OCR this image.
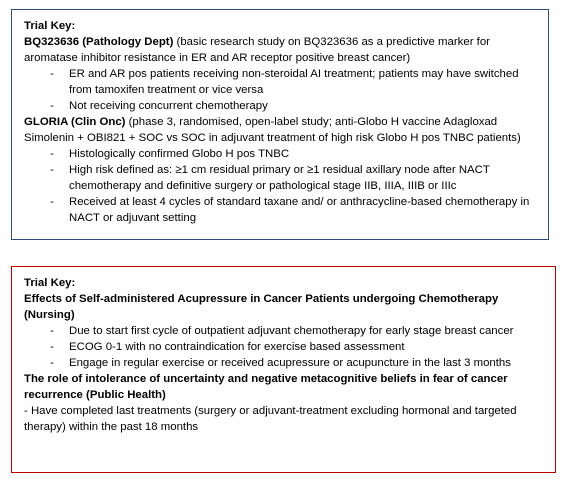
Trial Key:
BQ323636 (Pathology Dept) (basic research study on BQ323636 as a predictive marker for aromatase inhibitor resistance in ER and AR receptor positive breast cancer)
- ER and AR pos patients receiving non-steroidal AI treatment; patients may have switched from tamoxifen treatment or vice versa
- Not receiving concurrent chemotherapy
GLORIA (Clin Onc) (phase 3, randomised, open-label study; anti-Globo H vaccine Adagloxad Simolenin + OBI821 + SOC vs SOC in adjuvant treatment of high risk Globo H pos TNBC patients)
- Histologically confirmed Globo H pos TNBC
- High risk defined as: ≥1 cm residual primary or ≥1 residual axillary node after NACT chemotherapy and definitive surgery or pathological stage IIB, IIIA, IIIB or IIIc
- Received at least 4 cycles of standard taxane and/ or anthracycline-based chemotherapy in NACT or adjuvant setting
Trial Key:
Effects of Self-administered Acupressure in Cancer Patients undergoing Chemotherapy (Nursing)
- Due to start first cycle of outpatient adjuvant chemotherapy for early stage breast cancer
- ECOG 0-1 with no contraindication for exercise based assessment
- Engage in regular exercise or received acupressure or acupuncture in the last 3 months
The role of intolerance of uncertainty and negative metacognitive beliefs in fear of cancer recurrence (Public Health)
- Have completed last treatments (surgery or adjuvant-treatment excluding hormonal and targeted therapy) within the past 18 months
